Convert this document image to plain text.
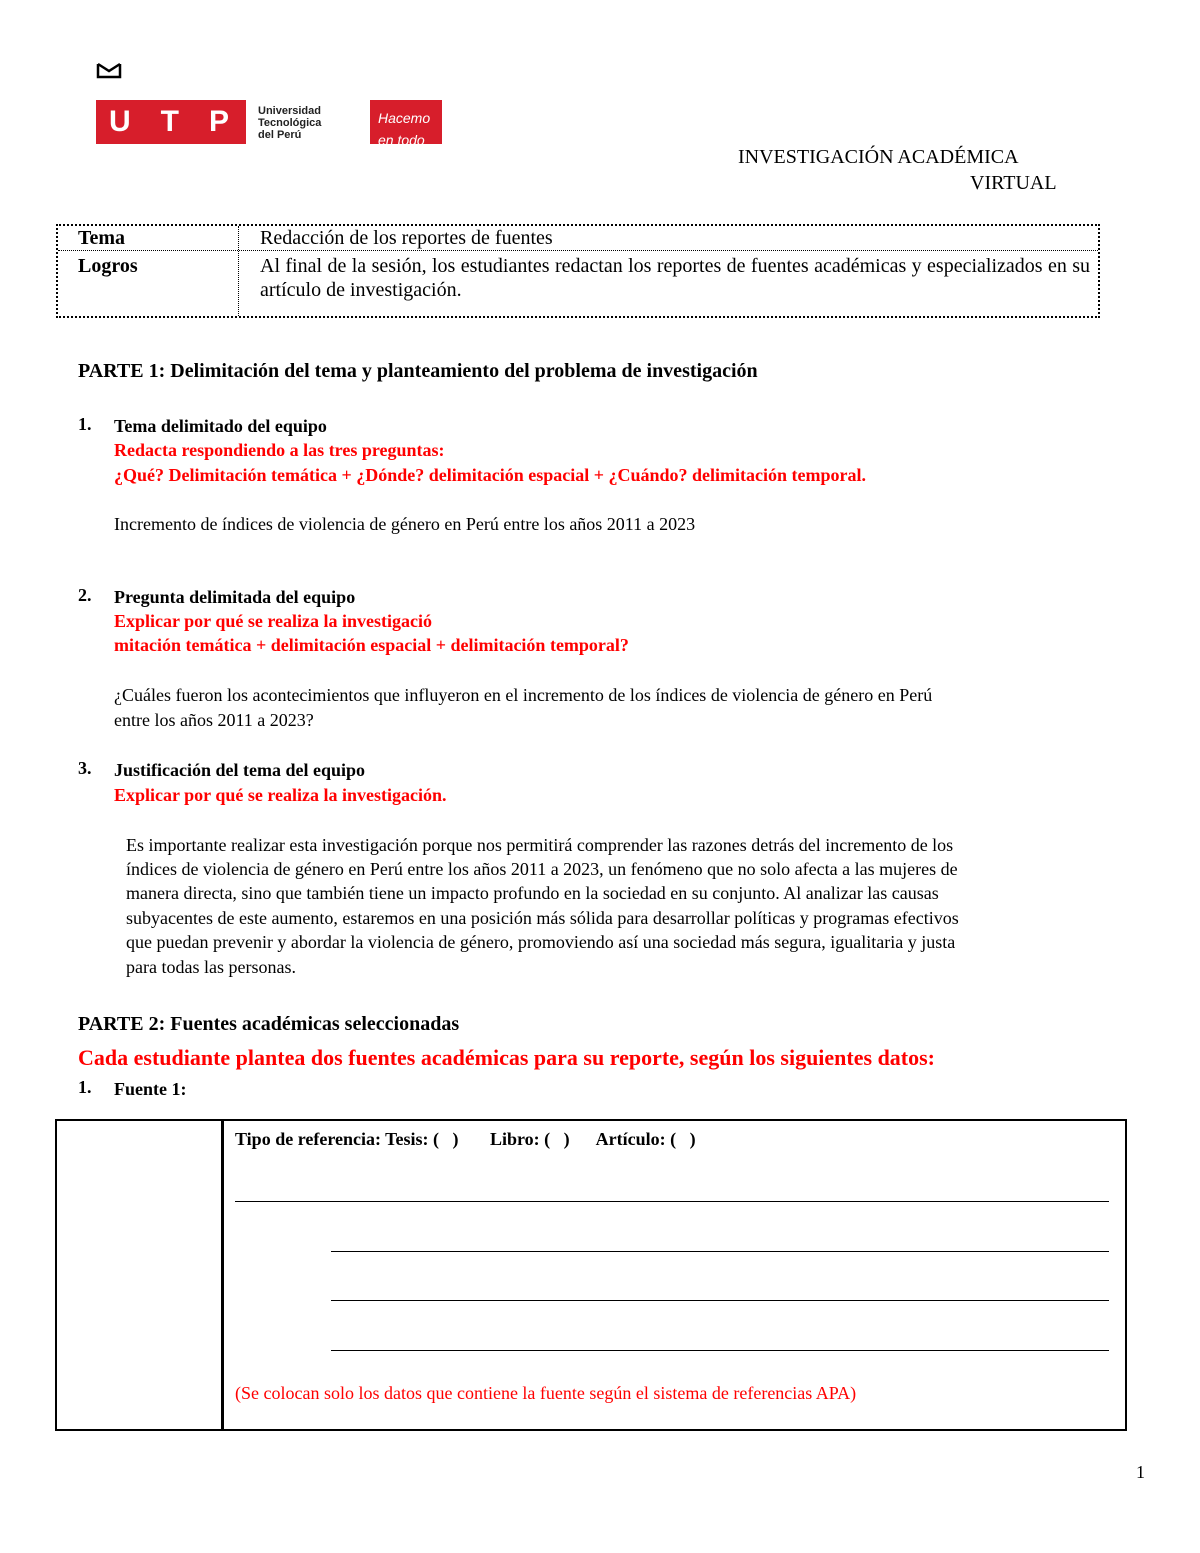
U T P Universidad
Tecnológica
del Perú
Hacemo
en todo
INVESTIGACIÓN ACADÉMICA
VIRTUAL
Tema	Redacción de los reportes de fuentes
Logros	Al final de la sesión, los estudiantes redactan los reportes de fuentes académicas y especializados en su artículo de investigación.
PARTE 1: Delimitación del tema y planteamiento del problema de investigación
1. Tema delimitado del equipo
Redacta respondiendo a las tres preguntas:
¿Qué? Delimitación temática + ¿Dónde? delimitación espacial + ¿Cuándo? delimitación temporal.
Incremento de índices de violencia de género en Perú entre los años 2011 a 2023
2. Pregunta delimitada del equipo
Explicar por qué se realiza la investigació
mitación temática + delimitación espacial + delimitación temporal?
¿Cuáles fueron los acontecimientos que influyeron en el incremento de los índices de violencia de género en Perú
entre los años 2011 a 2023?
3. Justificación del tema del equipo
Explicar por qué se realiza la investigación.
Es importante realizar esta investigación porque nos permitirá comprender las razones detrás del incremento de los
índices de violencia de género en Perú entre los años 2011 a 2023, un fenómeno que no solo afecta a las mujeres de
manera directa, sino que también tiene un impacto profundo en la sociedad en su conjunto. Al analizar las causas
subyacentes de este aumento, estaremos en una posición más sólida para desarrollar políticas y programas efectivos
que puedan prevenir y abordar la violencia de género, promoviendo así una sociedad más segura, igualitaria y justa
para todas las personas.
PARTE 2: Fuentes académicas seleccionadas
Cada estudiante plantea dos fuentes académicas para su reporte, según los siguientes datos:
1. Fuente 1:
Tipo de referencia: Tesis: (   )       Libro: (   )      Artículo: (   )
(Se colocan solo los datos que contiene la fuente según el sistema de referencias APA)
1
